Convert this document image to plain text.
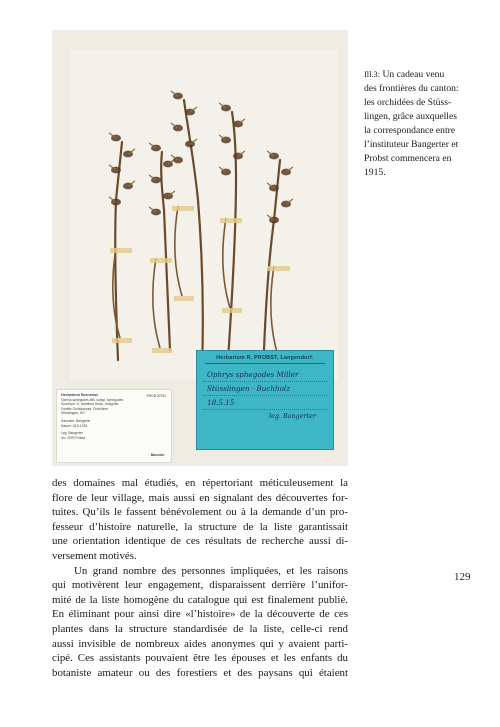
Herbarium Bernense	PROB 20751
Ophrys sphegodes Mill. subsp. sphegodes
Synonym: O. aranifera Huds., Araignée
Familie Orchidaceae, Orchideen
Stüsslingen, SO
Sammler: Bangerter
Datum: 18.5.1915
Leg. Bangerter
rev. 2020 Probst
Barcode:
Herbarium R. PROBST, Langendorf.
Ophrys sphegodes Miller
Stüsslingen · Buchholz
18.5.15
leg. Bangerter
Ill.3: Un cadeau venu
des frontières du canton:
les orchidées de Stüss-
lingen, grâce auxquelles
la correspondance entre
l’instituteur Bangerter et
Probst commencera en
1915.
des domaines mal étudiés, en répertoriant méticuleusement la
flore de leur village, mais aussi en signalant des découvertes for-
tuites. Qu’ils le fassent bénévolement ou à la demande d’un pro-
fesseur d’histoire naturelle, la structure de la liste garantissait
une orientation identique de ces résultats de recherche aussi di-
versement motivés.
Un grand nombre des personnes impliquées, et les raisons
qui motivèrent leur engagement, disparaissent derrière l’unifor-
mité de la liste homogène du catalogue qui est finalement publié.
En éliminant pour ainsi dire «l’histoire» de la découverte de ces
plantes dans la structure standardisée de la liste, celle-ci rend
aussi invisible de nombreux aides anonymes qui y avaient parti-
cipé. Ces assistants pouvaient être les épouses et les enfants du
botaniste amateur ou des forestiers et des paysans qui étaient
129
